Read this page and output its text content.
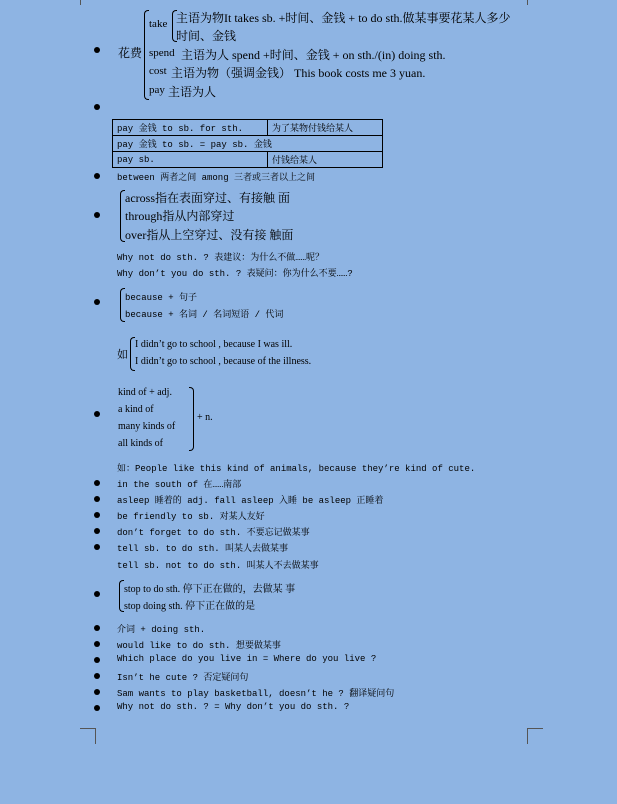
花费
take 主语为物It takes sb. +时间、金钱 + to do sth.做某事要花某人多少
时间、金钱
spend 主语为人 spend +时间、金钱 + on sth./(in) doing sth.
cost 主语为物（强调金钱） This book costs me 3 yuan.
pay 主语为人
pay 金钱 to sb. for sth.	为了某物付钱给某人
pay 金钱 to sb. = pay sb. 金钱	
pay sb.	付钱给某人
between 两者之间 among 三者或三者以上之间
across指在表面穿过、有接触 面
through指从内部穿过
over指从上空穿过、没有接 触面
Why not do sth. ? 表建议：为什么不做……呢？
Why don’t you do sth. ? 表疑问：你为什么不要……?
because + 句子
because + 名词 / 名词短语 / 代词
如
I didn’t go to school , because I was ill.
I didn’t go to school , because of the illness.
kind of + adj.
a kind of
many kinds of
all kinds of
+ n.
如：People like this kind of animals, because they’re kind of cute.
in the south of 在……南部
asleep 睡着的 adj. fall asleep 入睡 be asleep 正睡着
be friendly to sb. 对某人友好
don’t forget to do sth. 不要忘记做某事
tell sb. to do sth. 叫某人去做某事
tell sb. not to do sth. 叫某人不去做某事
stop to do sth. 停下正在做的，去做某 事
stop doing sth. 停下正在做的是
介词 + doing sth.
would like to do sth. 想要做某事
Which place do you live in = Where do you live ?
Isn’t he cute ? 否定疑问句
Sam wants to play basketball, doesn’t he ? 翻译疑问句
Why not do sth. ? = Why don’t you do sth. ?
